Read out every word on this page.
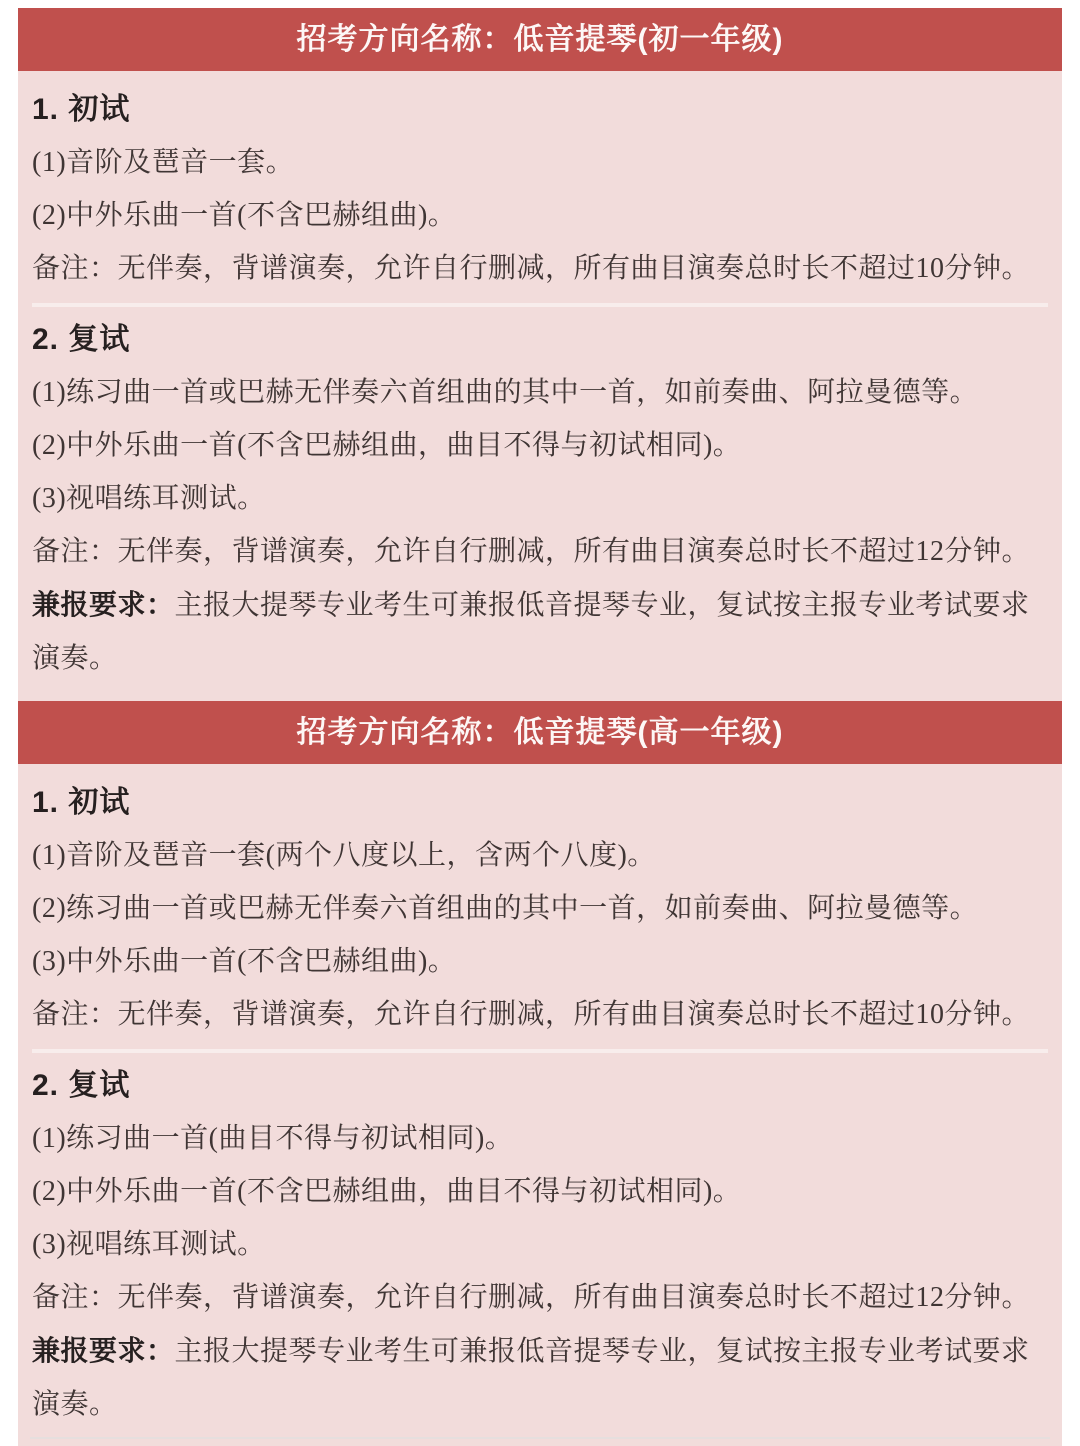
招考方向名称：低音提琴(初一年级)

1. 初试

(1)音阶及琶音一套。

(2)中外乐曲一首(不含巴赫组曲)。

备注：无伴奏，背谱演奏，允许自行删减，所有曲目演奏总时长不超过10分钟。

2. 复试

(1)练习曲一首或巴赫无伴奏六首组曲的其中一首，如前奏曲、阿拉曼德等。

(2)中外乐曲一首(不含巴赫组曲，曲目不得与初试相同)。

(3)视唱练耳测试。

备注：无伴奏，背谱演奏，允许自行删减，所有曲目演奏总时长不超过12分钟。

兼报要求：主报大提琴专业考生可兼报低音提琴专业，复试按主报专业考试要求演奏。

招考方向名称：低音提琴(高一年级)

1. 初试

(1)音阶及琶音一套(两个八度以上，含两个八度)。

(2)练习曲一首或巴赫无伴奏六首组曲的其中一首，如前奏曲、阿拉曼德等。

(3)中外乐曲一首(不含巴赫组曲)。

备注：无伴奏，背谱演奏，允许自行删减，所有曲目演奏总时长不超过10分钟。

2. 复试

(1)练习曲一首(曲目不得与初试相同)。

(2)中外乐曲一首(不含巴赫组曲，曲目不得与初试相同)。

(3)视唱练耳测试。

备注：无伴奏，背谱演奏，允许自行删减，所有曲目演奏总时长不超过12分钟。

兼报要求：主报大提琴专业考生可兼报低音提琴专业，复试按主报专业考试要求演奏。
